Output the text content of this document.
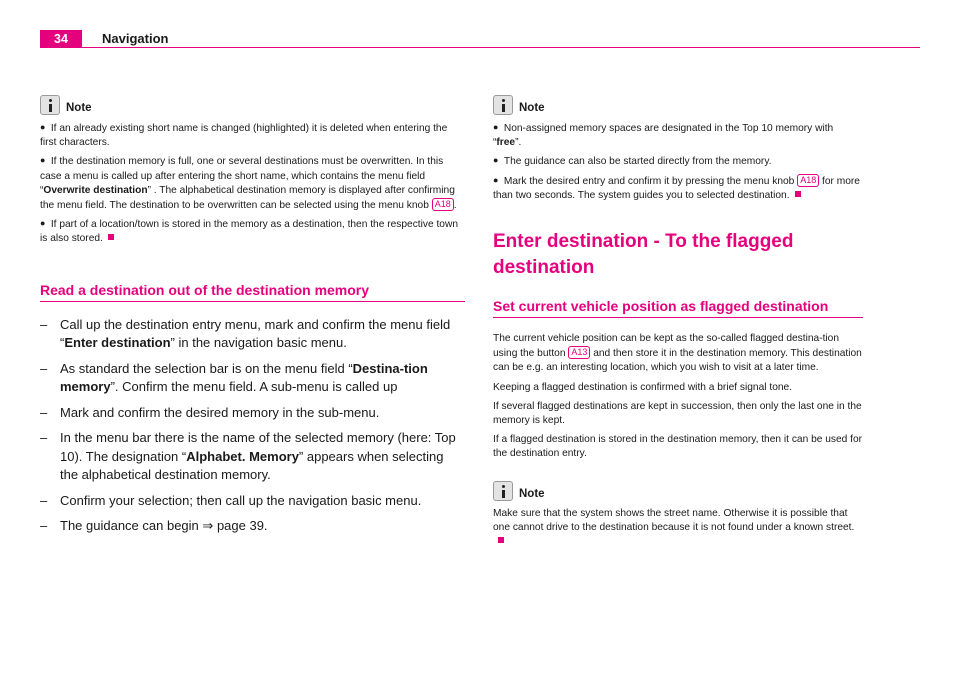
34	Navigation
Note

● If an already existing short name is changed (highlighted) it is deleted when entering the first characters.

● If the destination memory is full, one or several destinations must be overwritten. In this case a menu is called up after entering the short name, which contains the menu field “Overwrite destination” . The alphabetical destination memory is displayed after confirming the menu field. The destination to be overwritten can be selected using the menu knob A18 .

● If part of a location/town is stored in the memory as a destination, then the respective town is also stored.

Read a destination out of the destination memory
– Call up the destination entry menu, mark and confirm the menu field “Enter destination” in the navigation basic menu.
– As standard the selection bar is on the menu field “Destina-tion memory”. Confirm the menu field. A sub-menu is called up
– Mark and confirm the desired memory in the sub-menu.
– In the menu bar there is the name of the selected memory (here: Top 10). The designation “Alphabet. Memory” appears when selecting the alphabetical destination memory.
– Confirm your selection; then call up the navigation basic menu.
– The guidance can begin ⇒ page 39.
Note

● Non-assigned memory spaces are designated in the Top 10 memory with “free”.

● The guidance can also be started directly from the memory.

● Mark the desired entry and confirm it by pressing the menu knob A18 for more than two seconds. The system guides you to selected destination.

Enter destination - To the flagged destination
Set current vehicle position as flagged destination

The current vehicle position can be kept as the so-called flagged destina-tion using the button A13 and then store it in the destination memory. This destination can be e.g. an interesting location, which you wish to visit at a later time.

Keeping a flagged destination is confirmed with a brief signal tone.

If several flagged destinations are kept in succession, then only the last one in the memory is kept.

If a flagged destination is stored in the destination memory, then it can be used for the destination entry.

Note

Make sure that the system shows the street name. Otherwise it is possible that one cannot drive to the destination because it is not found under a known street.
